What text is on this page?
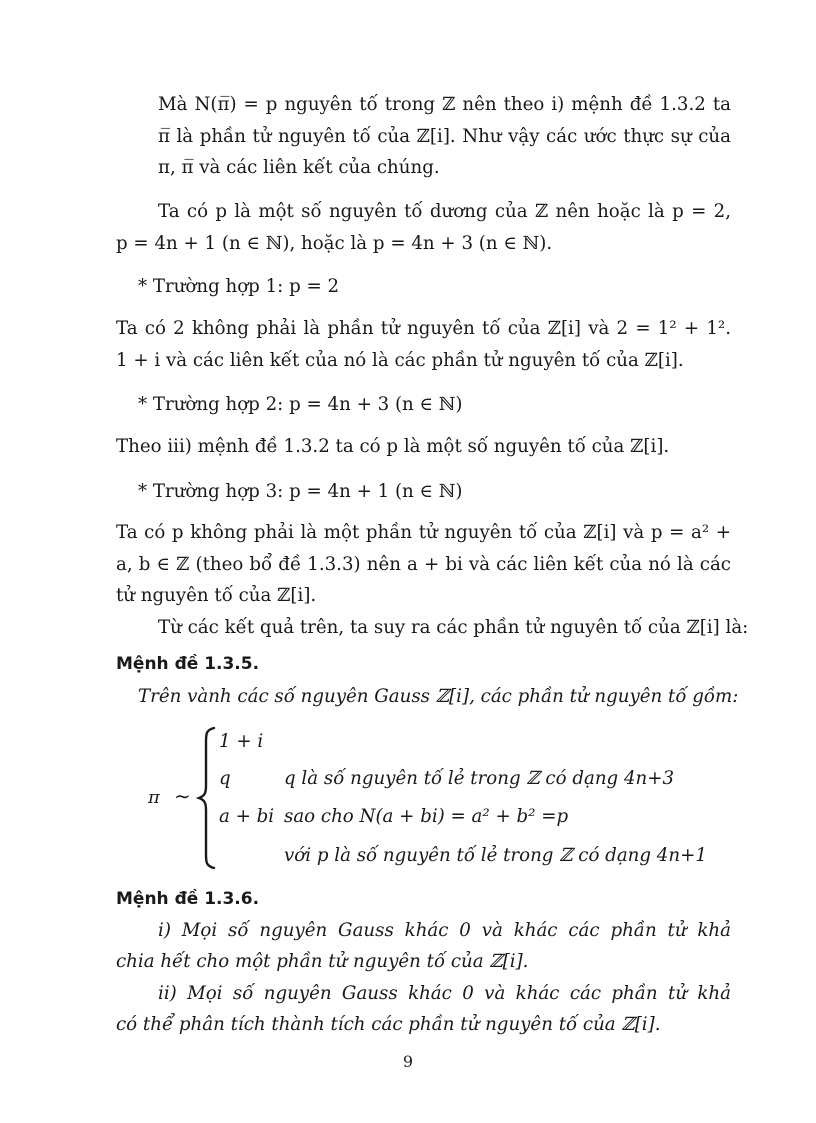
Mà N(π̅) = p nguyên tố trong ℤ nên theo i) mệnh đề 1.3.2 ta
π̅ là phần tử nguyên tố của ℤ[i]. Như vậy các ước thực sự của
π, π̅ và các liên kết của chúng.
Ta có p là một số nguyên tố dương của ℤ nên hoặc là p = 2,
p = 4n + 1 (n ∈ ℕ), hoặc là p = 4n + 3 (n ∈ ℕ).
* Trường hợp 1: p = 2
Ta có 2 không phải là phần tử nguyên tố của ℤ[i] và 2 = 1² + 1².
1 + i và các liên kết của nó là các phần tử nguyên tố của ℤ[i].
* Trường hợp 2: p = 4n + 3 (n ∈ ℕ)
Theo iii) mệnh đề 1.3.2 ta có p là một số nguyên tố của ℤ[i].
* Trường hợp 3: p = 4n + 1 (n ∈ ℕ)
Ta có p không phải là một phần tử nguyên tố của ℤ[i] và p = a² +
a, b ∈ ℤ (theo bổ đề 1.3.3) nên a + bi và các liên kết của nó là các
tử nguyên tố của ℤ[i].
Từ các kết quả trên, ta suy ra các phần tử nguyên tố của ℤ[i] là:
Mệnh đề 1.3.5.
Trên vành các số nguyên Gauss ℤ[i], các phần tử nguyên tố gồm:
π ∼
1 + i
q	q là số nguyên tố lẻ trong ℤ có dạng 4n+3
a + bi sao cho N(a + bi) = a² + b² =p
với p là số nguyên tố lẻ trong ℤ có dạng 4n+1
Mệnh đề 1.3.6.
i) Mọi số nguyên Gauss khác 0 và khác các phần tử khả
chia hết cho một phần tử nguyên tố của ℤ[i].
ii) Mọi số nguyên Gauss khác 0 và khác các phần tử khả
có thể phân tích thành tích các phần tử nguyên tố của ℤ[i].
9
